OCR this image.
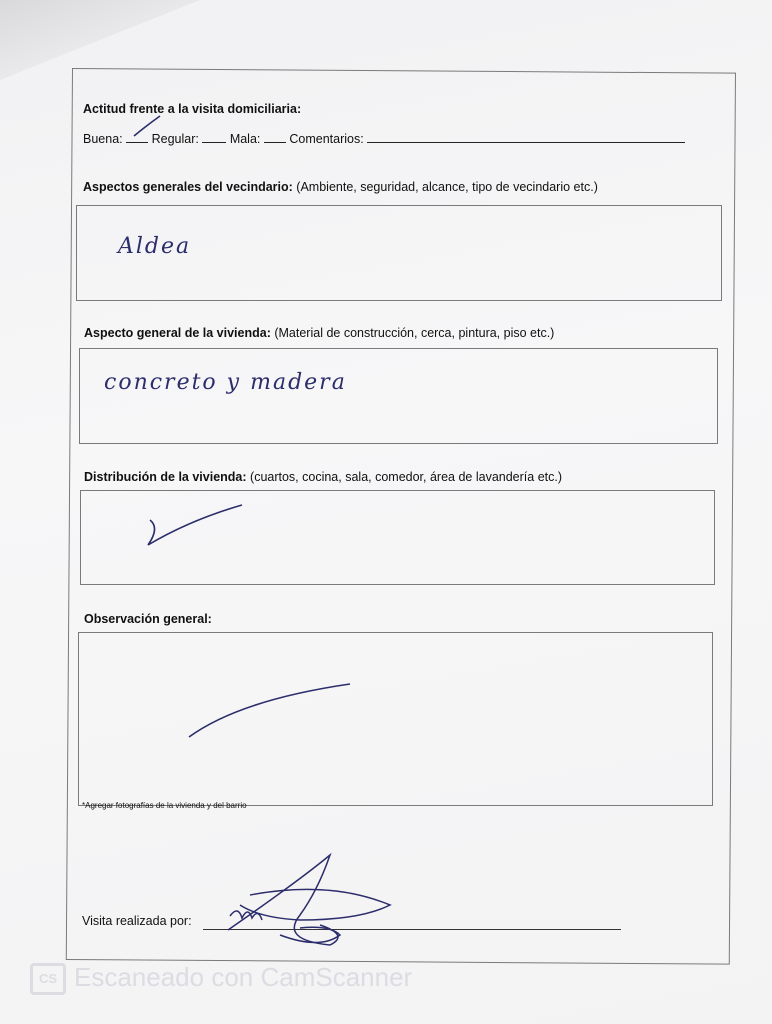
Actitud frente a la visita domiciliaria:
Buena: Regular: Mala: Comentarios:
Aspectos generales del vecindario: (Ambiente, seguridad, alcance, tipo de vecindario etc.)
Aldea
Aspecto general de la vivienda: (Material de construcción, cerca, pintura, piso etc.)
concreto y madera
Distribución de la vivienda: (cuartos, cocina, sala, comedor, área de lavandería etc.)
Observación general:
*Agregar fotografías de la vivienda y del barrio
Visita realizada por:
CS Escaneado con CamScanner
